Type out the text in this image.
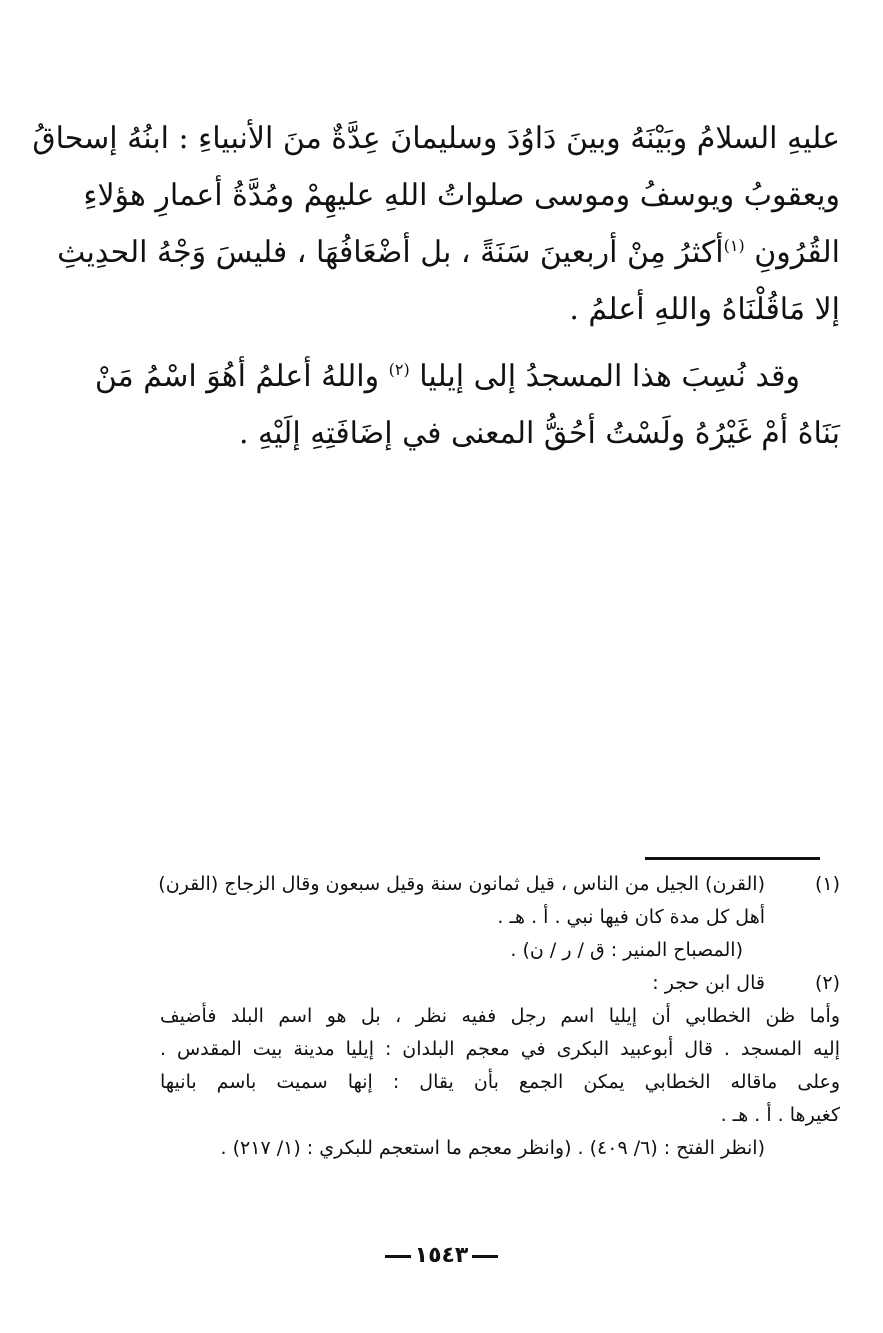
عليهِ السلامُ وبَيْنَهُ وبينَ دَاوُدَ وسليمانَ عِدَّةٌ منَ الأنبياءِ : ابنُهُ إسحاقُ
ويعقوبُ ويوسفُ وموسى صلواتُ اللهِ عليهِمْ ومُدَّةُ أعمارِ هؤلاءِ
القُرُونِ $^{(١)}$أكثرُ مِنْ أربعينَ سَنَةً ، بل أضْعَافُهَا ، فليسَ وَجْهُ الحدِيثِ
إلا مَاقُلْنَاهُ واللهِ أعلمُ .

وقد نُسِبَ هذا المسجدُ إلى إيليا $^{(٢)}$ واللهُ أعلمُ أهُوَ اسْمُ مَنْ
بَنَاهُ أمْ غَيْرُهُ ولَسْتُ أحُقُّ المعنى في إضَافَتِهِ إلَيْهِ .

(١)
(القرن) الجيل من الناس ، قيل ثمانون سنة وقيل سبعون وقال الزجاج (القرن)
أهل كل مدة كان فيها نبي . أ . هـ .
(المصباح المنير : ق / ر / ن) .
(٢)
قال ابن حجر :
وأما ظن الخطابي أن إيليا اسم رجل ففيه نظر ، بل هو اسم البلد فأضيف
إليه المسجد . قال أبوعبيد البكرى في معجم البلدان : إيليا مدينة بيت المقدس .
وعلى ماقاله الخطابي يمكن الجمع بأن يقال : إنها سميت باسم بانيها
كغيرها . أ . هـ .
(انظر الفتح : (٦/ ٤٠٩) . (وانظر معجم ما استعجم للبكري : (١/ ٢١٧) .
١٥٤٣
